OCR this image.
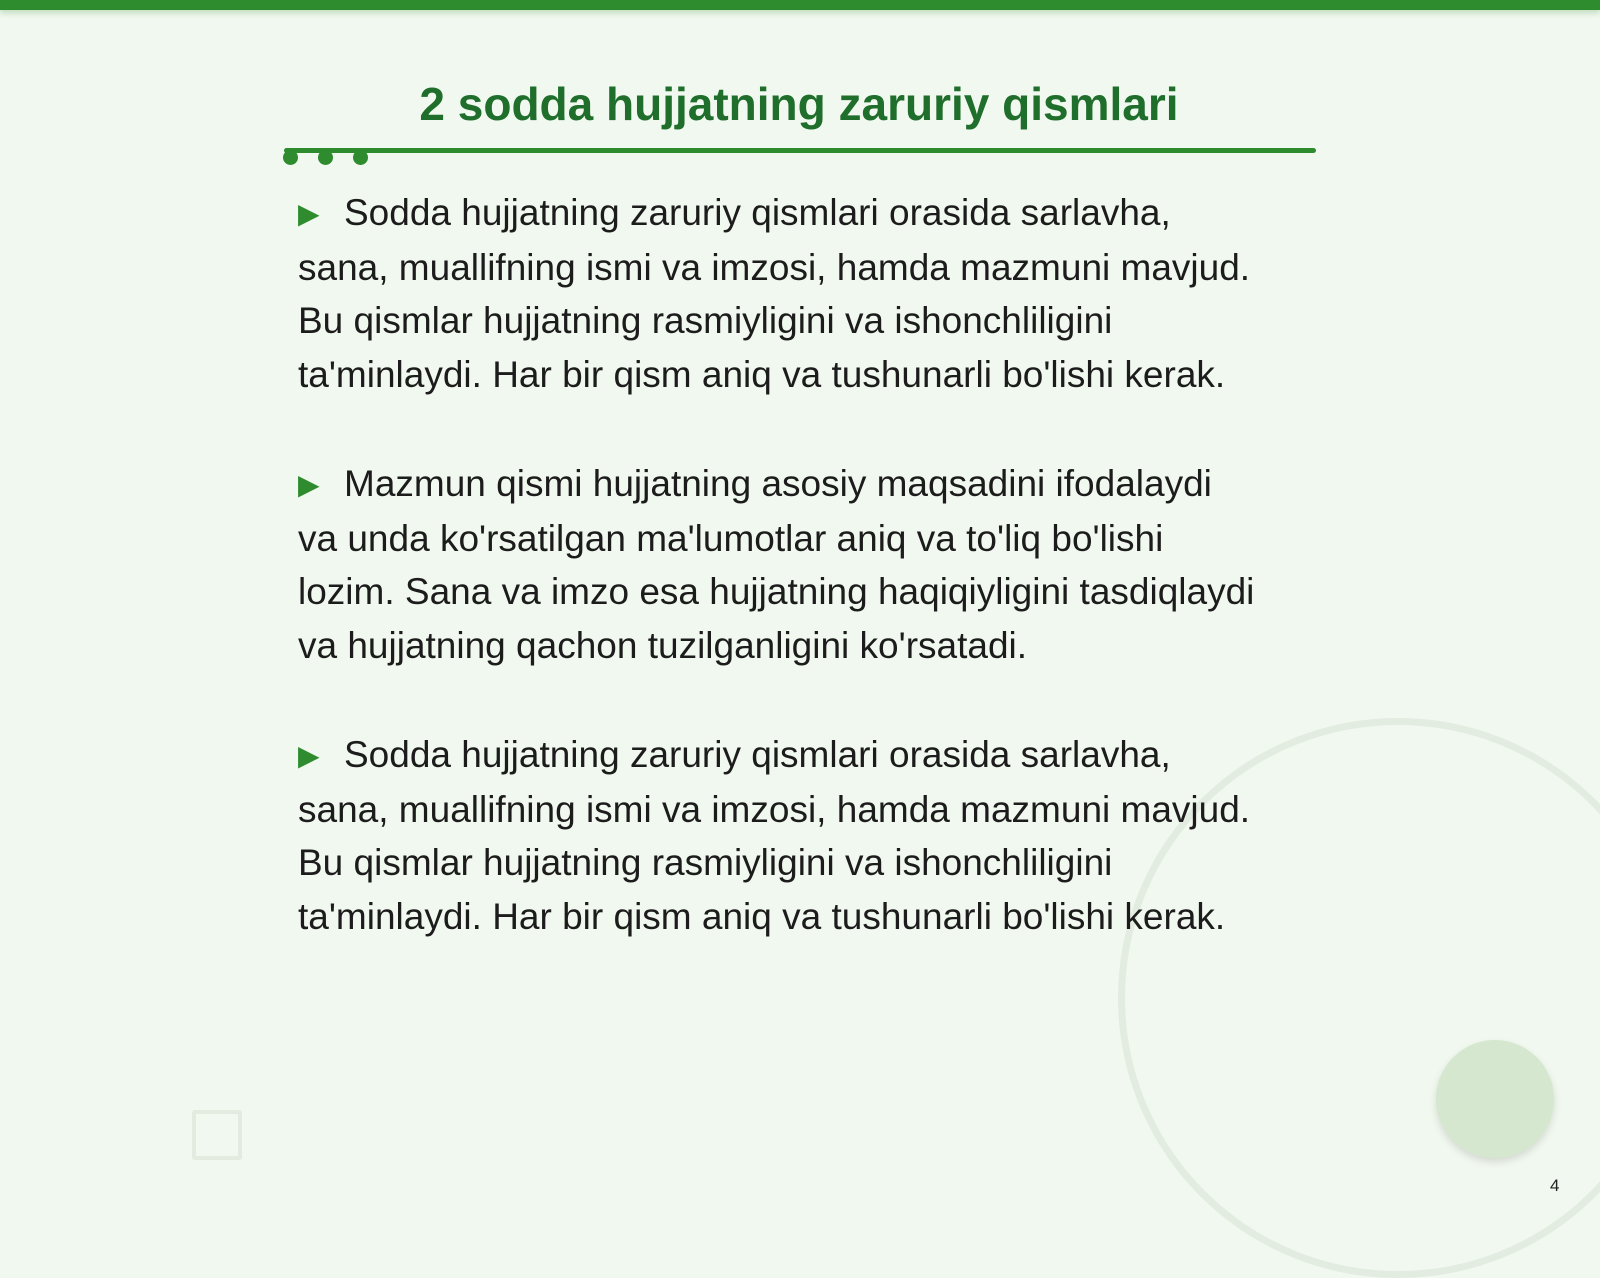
2 sodda hujjatning zaruriy qismlari

▶ Sodda hujjatning zaruriy qismlari orasida sarlavha, sana, muallifning ismi va imzosi, hamda mazmuni mavjud. Bu qismlar hujjatning rasmiyligini va ishonchliligini ta'minlaydi. Har bir qism aniq va tushunarli bo'lishi kerak.

▶ Mazmun qismi hujjatning asosiy maqsadini ifodalaydi va unda ko'rsatilgan ma'lumotlar aniq va to'liq bo'lishi lozim. Sana va imzo esa hujjatning haqiqiyligini tasdiqlaydi va hujjatning qachon tuzilganligini ko'rsatadi.

▶ Sodda hujjatning zaruriy qismlari orasida sarlavha, sana, muallifning ismi va imzosi, hamda mazmuni mavjud. Bu qismlar hujjatning rasmiyligini va ishonchliligini ta'minlaydi. Har bir qism aniq va tushunarli bo'lishi kerak.

4
